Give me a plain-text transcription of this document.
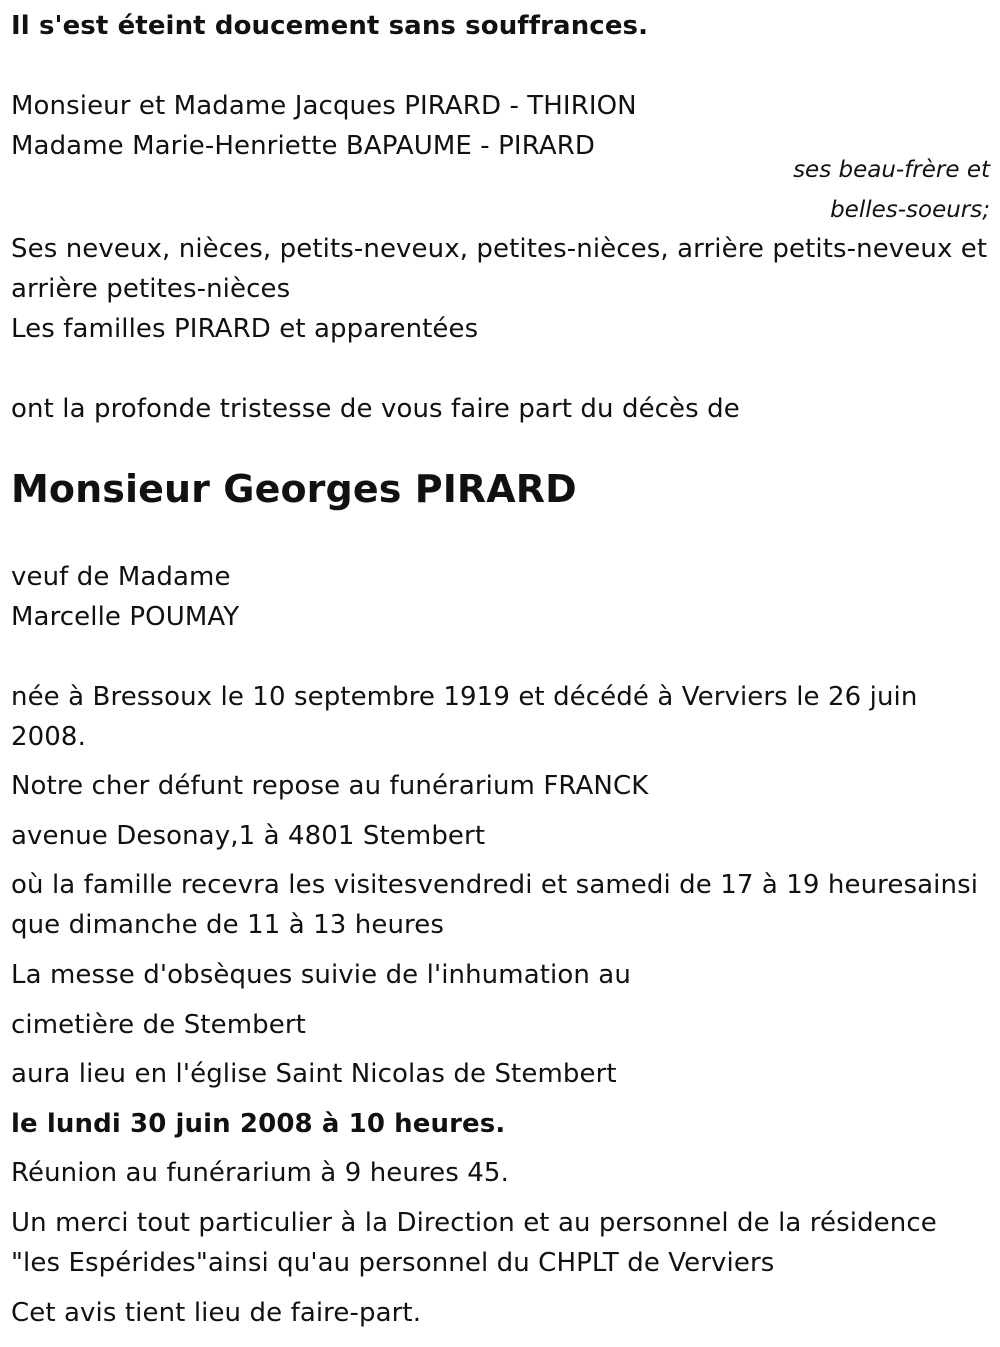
Il s'est éteint doucement sans souffrances.
Monsieur et Madame Jacques PIRARD - THIRION
Madame Marie-Henriette BAPAUME - PIRARD
ses beau-frère et
belles-soeurs;
Ses neveux, nièces, petits-neveux, petites-nièces, arrière petits-neveux et
arrière petites-nièces
Les familles PIRARD et apparentées
ont la profonde tristesse de vous faire part du décès de
Monsieur Georges PIRARD
veuf de Madame
Marcelle POUMAY
née à Bressoux le 10 septembre 1919 et décédé à Verviers le 26 juin
2008.
Notre cher défunt repose au funérarium FRANCK
avenue Desonay,1 à 4801 Stembert
où la famille recevra les visitesvendredi et samedi de 17 à 19 heuresainsi
que dimanche de 11 à 13 heures
La messe d'obsèques suivie de l'inhumation au
cimetière de Stembert
aura lieu en l'église Saint Nicolas de Stembert
le lundi 30 juin 2008 à 10 heures.
Réunion au funérarium à 9 heures 45.
Un merci tout particulier à la Direction et au personnel de la résidence
"les Espérides"ainsi qu'au personnel du CHPLT de Verviers
Cet avis tient lieu de faire-part.
